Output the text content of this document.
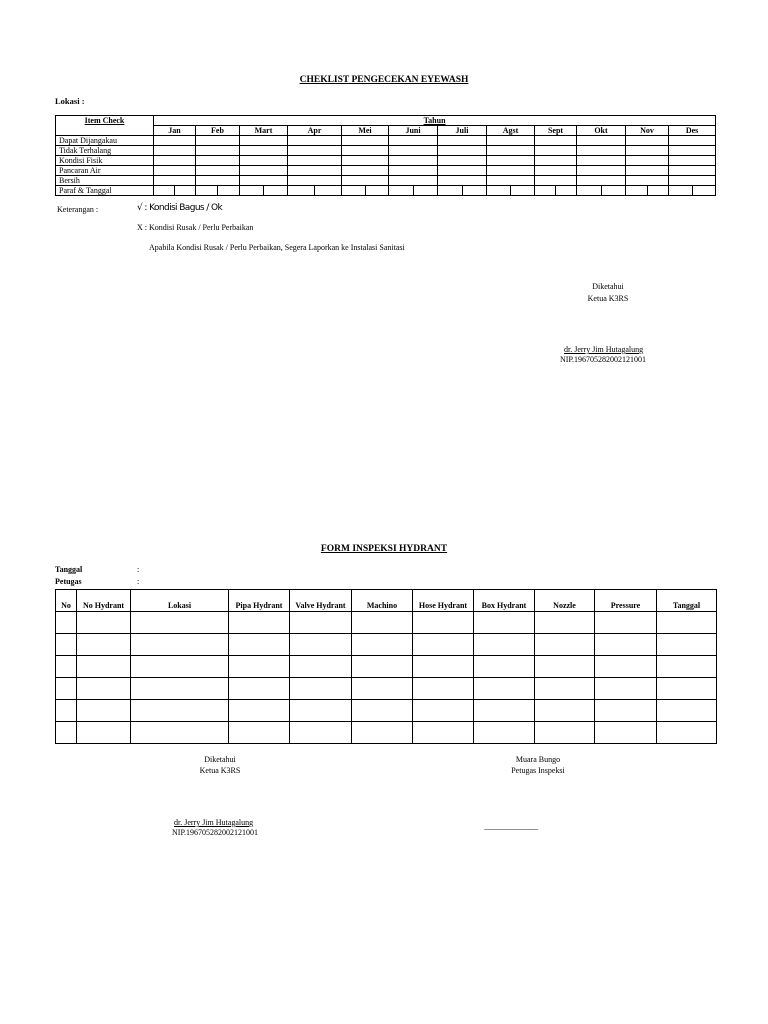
CHEKLIST PENGECEKAN EYEWASH
Lokasi :
Item Check	Tahun											
	Jan	Feb	Mart	Apr	Mei	Juni	Juli	Agst	Sept	Okt	Nov	Des
Dapat Dijangakau												
Tidak Terhalang												
Kondisi Fisik												
Pancaran Air												
Bersih												
Paraf & Tanggal	

Keterangan :	√ : Kondisi Bagus / Ok
X : Kondisi Rusak / Perlu Perbaikan
Apabila Kondisi Rusak / Perlu Perbaikan, Segera Laporkan ke Instalasi Sanitasi
Diketahui
Ketua K3RS
dr. Jerry Jim Hutagalung
NIP.196705282002121001
FORM INSPEKSI HYDRANT
Tanggal	:
Petugas	:
No	No Hydrant	Lokasi	Pipa Hydrant	Valve Hydrant	Machino	Hose Hydrant	Box Hydrant	Nozzle	Pressure	Tanggal

Diketahui
Ketua K3RS
dr. Jerry Jim Hutagalung
NIP.196705282002121001
Muara Bungo
Petugas Inspeksi
------------------------------------
